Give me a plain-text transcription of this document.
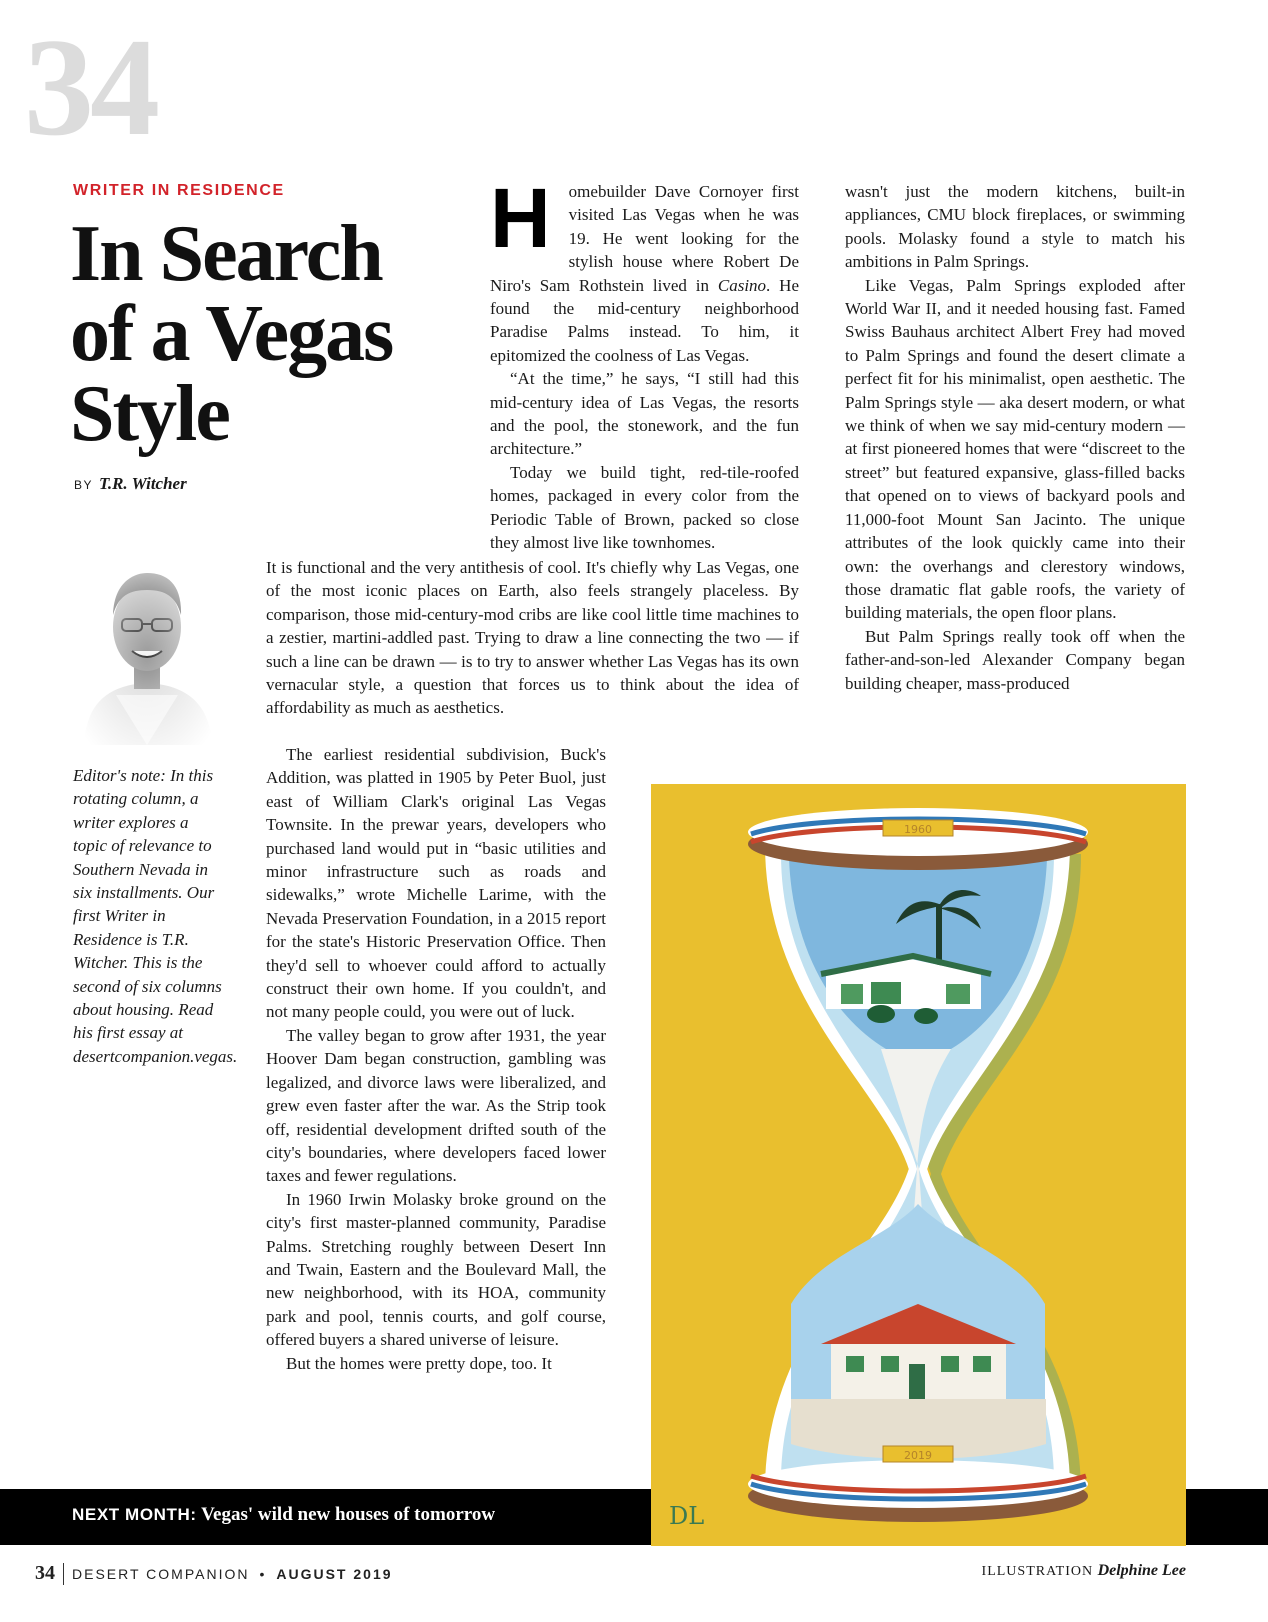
34
WRITER IN RESIDENCE
In Search of a Vegas Style
BY T.R. Witcher

Editor's note: In this rotating column, a writer explores a topic of relevance to Southern Nevada in six installments. Our first Writer in Residence is T.R. Witcher. This is the second of six columns about housing. Read his first essay at desertcompanion.vegas.

H omebuilder Dave Cornoyer first visited Las Vegas when he was 19. He went looking for the stylish house where Robert De Niro's Sam Rothstein lived in Casino. He found the mid-century neighborhood Paradise Palms instead. To him, it epitomized the coolness of Las Vegas.

“At the time,” he says, “I still had this mid-century idea of Las Vegas, the resorts and the pool, the stonework, and the fun architecture.”

Today we build tight, red-tile-roofed homes, packaged in every color from the Periodic Table of Brown, packed so close they almost live like townhomes.

It is functional and the very antithesis of cool. It's chiefly why Las Vegas, one of the most iconic places on Earth, also feels strangely placeless. By comparison, those mid-century-mod cribs are like cool little time machines to a zestier, martini-addled past. Trying to draw a line connecting the two — if such a line can be drawn — is to try to answer whether Las Vegas has its own vernacular style, a question that forces us to think about the idea of affordability as much as aesthetics.

The earliest residential subdivision, Buck's Addition, was platted in 1905 by Peter Buol, just east of William Clark's original Las Vegas Townsite. In the prewar years, developers who purchased land would put in “basic utilities and minor infrastructure such as roads and sidewalks,” wrote Michelle Larime, with the Nevada Preservation Foundation, in a 2015 report for the state's Historic Preservation Office. Then they'd sell to whoever could afford to actually construct their own home. If you couldn't, and not many people could, you were out of luck.

The valley began to grow after 1931, the year Hoover Dam began construction, gambling was legalized, and divorce laws were liberalized, and grew even faster after the war. As the Strip took off, residential development drifted south of the city's boundaries, where developers faced lower taxes and fewer regulations.

In 1960 Irwin Molasky broke ground on the city's first master-planned community, Paradise Palms. Stretching roughly between Desert Inn and Twain, Eastern and the Boulevard Mall, the new neighborhood, with its HOA, community park and pool, tennis courts, and golf course, offered buyers a shared universe of leisure.

But the homes were pretty dope, too. It

wasn't just the modern kitchens, built-in appliances, CMU block fireplaces, or swimming pools. Molasky found a style to match his ambitions in Palm Springs.

Like Vegas, Palm Springs exploded after World War II, and it needed housing fast. Famed Swiss Bauhaus architect Albert Frey had moved to Palm Springs and found the desert climate a perfect fit for his minimalist, open aesthetic. The Palm Springs style — aka desert modern, or what we think of when we say mid-century modern — at first pioneered homes that were “discreet to the street” but featured expansive, glass-filled backs that opened on to views of backyard pools and 11,000-foot Mount San Jacinto. The unique attributes of the look quickly came into their own: the overhangs and clerestory windows, those dramatic flat gable roofs, the variety of building materials, the open floor plans.

But Palm Springs really took off when the father-and-son-led Alexander Company began building cheaper, mass-produced

1960
2019
DL
NEXT MONTH: Vegas' wild new houses of tomorrow
34 DESERT COMPANION • AUGUST 2019	ILLUSTRATION Delphine Lee
